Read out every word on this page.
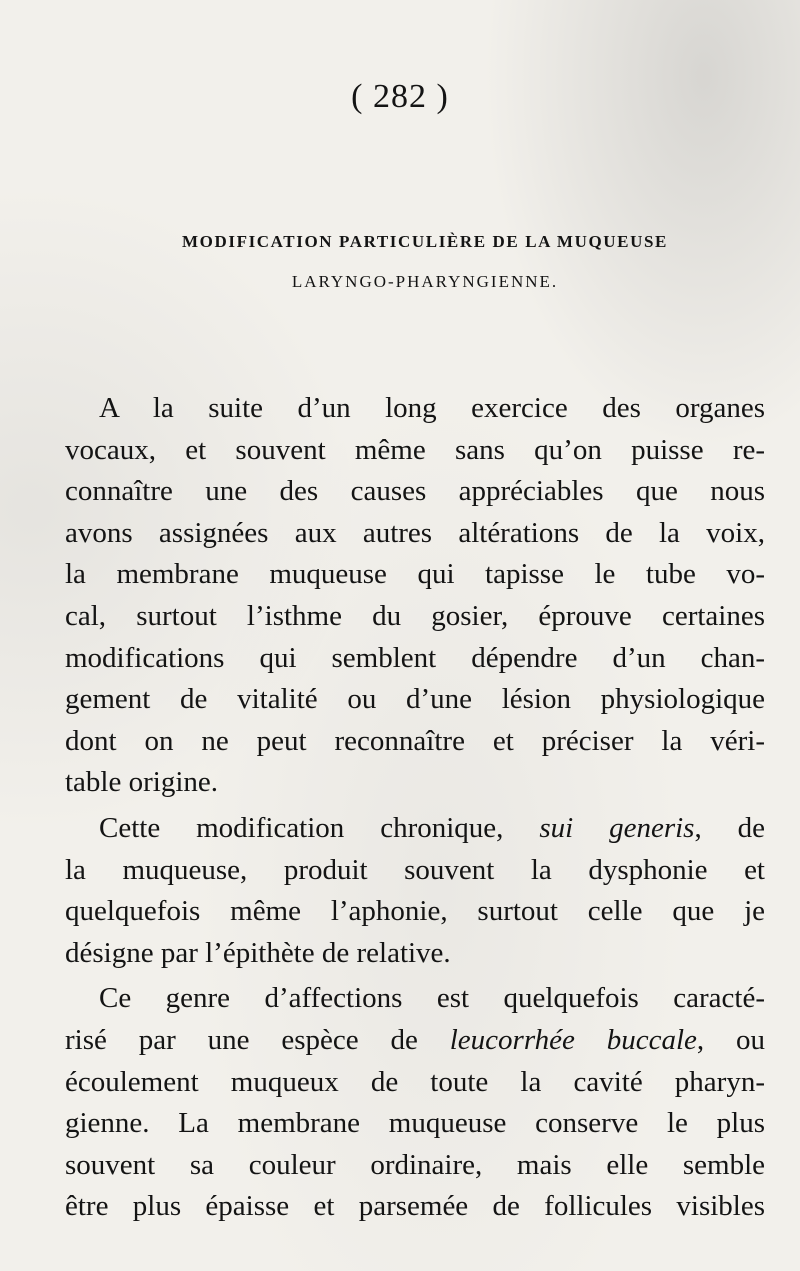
( 282 )
MODIFICATION PARTICULIÈRE DE LA MUQUEUSE
LARYNGO-PHARYNGIENNE.
A la suite d’un long exercice des organes
vocaux, et souvent même sans qu’on puisse re-
connaître une des causes appréciables que nous
avons assignées aux autres altérations de la voix,
la membrane muqueuse qui tapisse le tube vo-
cal, surtout l’isthme du gosier, éprouve certaines
modifications qui semblent dépendre d’un chan-
gement de vitalité ou d’une lésion physiologique
dont on ne peut reconnaître et préciser la véri-
table origine.
Cette modification chronique, sui generis, de
la muqueuse, produit souvent la dysphonie et
quelquefois même l’aphonie, surtout celle que je
désigne par l’épithète de relative.
Ce genre d’affections est quelquefois caracté-
risé par une espèce de leucorrhée buccale, ou
écoulement muqueux de toute la cavité pharyn-
gienne. La membrane muqueuse conserve le plus
souvent sa couleur ordinaire, mais elle semble
être plus épaisse et parsemée de follicules visibles
